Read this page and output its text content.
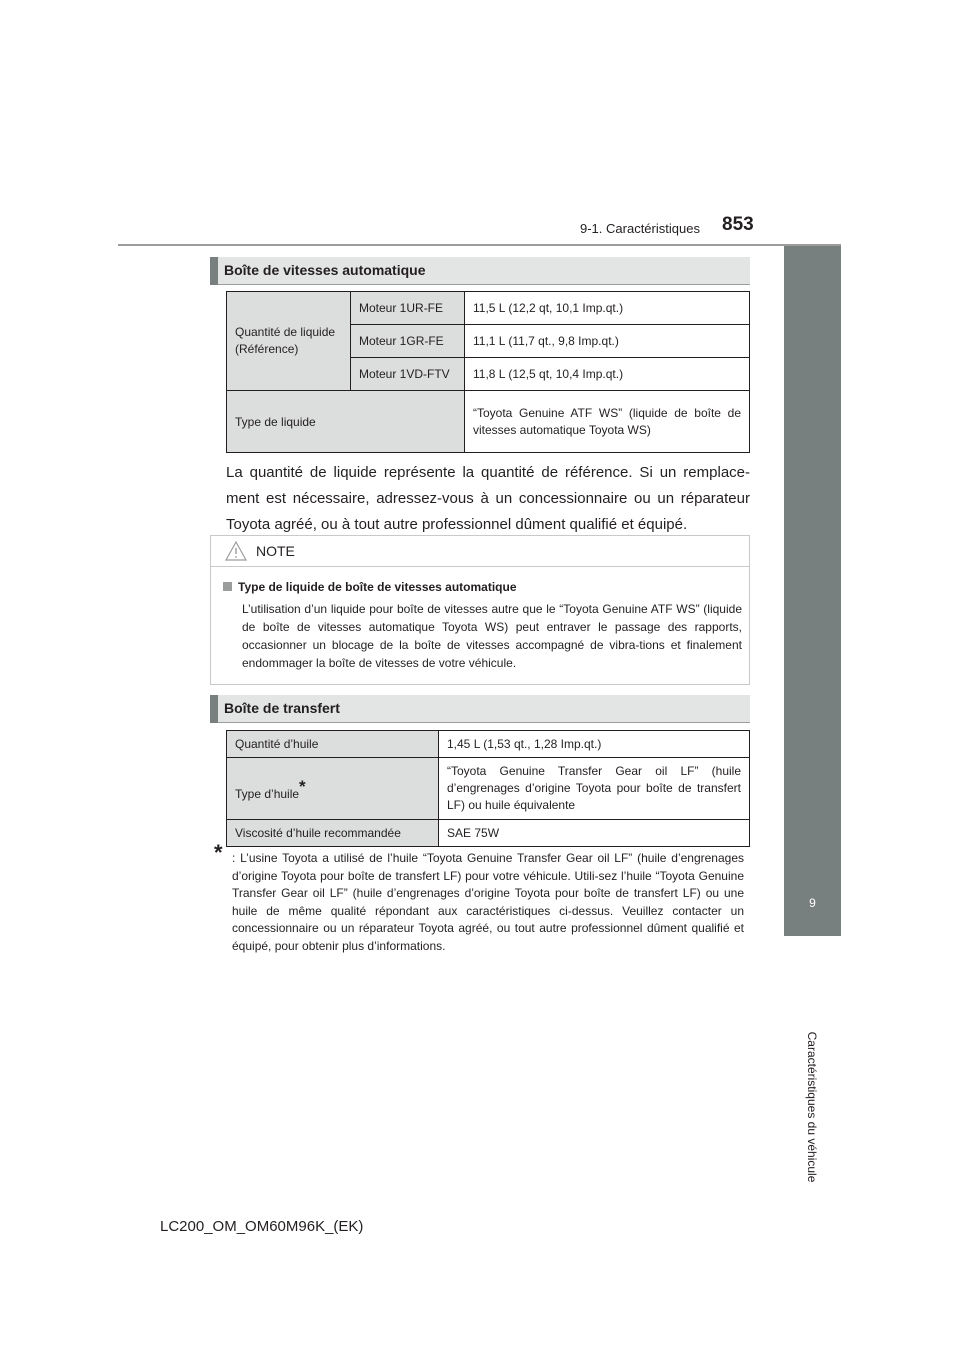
9-1. Caractéristiques 853
9
Caractéristiques du véhicule
Boîte de vitesses automatique
Quantité de liquide (Référence)	Moteur 1UR-FE	11,5 L (12,2 qt, 10,1 Imp.qt.)
	Moteur 1GR-FE	11,1 L (11,7 qt., 9,8 Imp.qt.)
	Moteur 1VD-FTV	11,8 L (12,5 qt, 10,4 Imp.qt.)
Type de liquide		“Toyota Genuine ATF WS” (liquide de boîte de vitesses automatique Toyota WS)
La quantité de liquide représente la quantité de référence. Si un remplace-ment est nécessaire, adressez-vous à un concessionnaire ou un réparateur Toyota agréé, ou à tout autre professionnel dûment qualifié et équipé.
NOTE
Type de liquide de boîte de vitesses automatique
L’utilisation d’un liquide pour boîte de vitesses autre que le “Toyota Genuine ATF WS” (liquide de boîte de vitesses automatique Toyota WS) peut entraver le passage des rapports, occasionner un blocage de la boîte de vitesses accompagné de vibra-tions et finalement endommager la boîte de vitesses de votre véhicule.
Boîte de transfert
Quantité d’huile	1,45 L (1,53 qt., 1,28 Imp.qt.)
Type d’huile*	“Toyota Genuine Transfer Gear oil LF” (huile d’engrenages d’origine Toyota pour boîte de transfert LF) ou huile équivalente
Viscosité d’huile recommandée	SAE 75W
* : L’usine Toyota a utilisé de l’huile “Toyota Genuine Transfer Gear oil LF” (huile d’engrenages d’origine Toyota pour boîte de transfert LF) pour votre véhicule. Utili-sez l’huile “Toyota Genuine Transfer Gear oil LF” (huile d’engrenages d’origine Toyota pour boîte de transfert LF) ou une huile de même qualité répondant aux caractéristiques ci-dessus. Veuillez contacter un concessionnaire ou un réparateur Toyota agréé, ou tout autre professionnel dûment qualifié et équipé, pour obtenir plus d’informations.
LC200_OM_OM60M96K_(EK)
